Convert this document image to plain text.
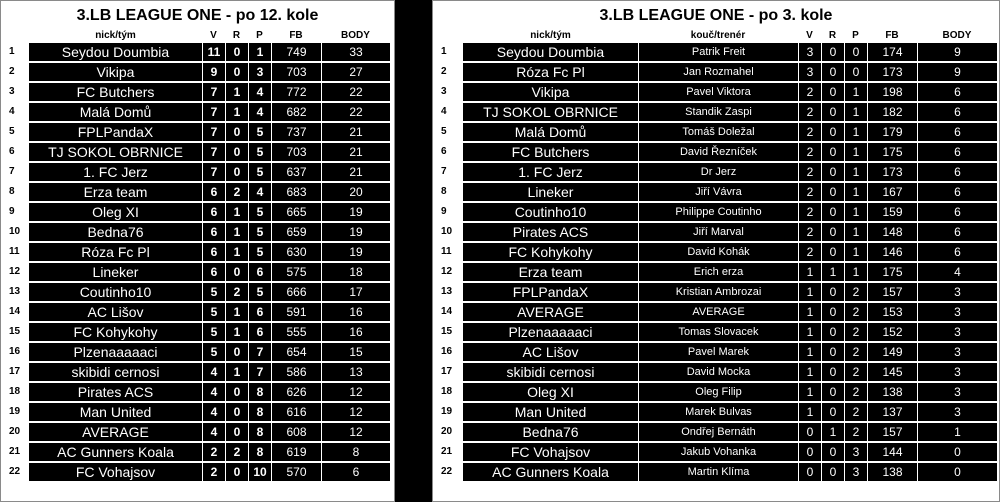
3.LB LEAGUE ONE - po 12. kole
	nick/tým	V	R	P	FB	BODY
1	Seydou Doumbia	11	0	1	749	33
2	Vikipa	9	0	3	703	27
3	FC Butchers	7	1	4	772	22
4	Malá Domů	7	1	4	682	22
5	FPLPandaX	7	0	5	737	21
6	TJ SOKOL OBRNICE	7	0	5	703	21
7	1. FC Jerz	7	0	5	637	21
8	Erza team	6	2	4	683	20
9	Oleg XI	6	1	5	665	19
10	Bedna76	6	1	5	659	19
11	Róza Fc Pl	6	1	5	630	19
12	Lineker	6	0	6	575	18
13	Coutinho10	5	2	5	666	17
14	AC Lišov	5	1	6	591	16
15	FC Kohykohy	5	1	6	555	16
16	Plzenaaaaaci	5	0	7	654	15
17	skibidi cernosi	4	1	7	586	13
18	Pirates ACS	4	0	8	626	12
19	Man United	4	0	8	616	12
20	AVERAGE	4	0	8	608	12
21	AC Gunners Koala	2	2	8	619	8
22	FC Vohajsov	2	0	10	570	6
3.LB LEAGUE ONE - po 3. kole
	nick/tým	kouč/trenér	V	R	P	FB	BODY
1	Seydou Doumbia	Patrik Freit	3	0	0	174	9
2	Róza Fc Pl	Jan Rozmahel	3	0	0	173	9
3	Vikipa	Pavel Viktora	2	0	1	198	6
4	TJ SOKOL OBRNICE	Standik Zaspi	2	0	1	182	6
5	Malá Domů	Tomáš Doležal	2	0	1	179	6
6	FC Butchers	David Řezníček	2	0	1	175	6
7	1. FC Jerz	Dr Jerz	2	0	1	173	6
8	Lineker	Jiří Vávra	2	0	1	167	6
9	Coutinho10	Philippe Coutinho	2	0	1	159	6
10	Pirates ACS	Jiří Marval	2	0	1	148	6
11	FC Kohykohy	David Kohák	2	0	1	146	6
12	Erza team	Erich erza	1	1	1	175	4
13	FPLPandaX	Kristian Ambrozai	1	0	2	157	3
14	AVERAGE	AVERAGE	1	0	2	153	3
15	Plzenaaaaaci	Tomas Slovacek	1	0	2	152	3
16	AC Lišov	Pavel Marek	1	0	2	149	3
17	skibidi cernosi	David Mocka	1	0	2	145	3
18	Oleg XI	Oleg Filip	1	0	2	138	3
19	Man United	Marek Bulvas	1	0	2	137	3
20	Bedna76	Ondřej Bernáth	0	1	2	157	1
21	FC Vohajsov	Jakub Vohanka	0	0	3	144	0
22	AC Gunners Koala	Martin Klíma	0	0	3	138	0
